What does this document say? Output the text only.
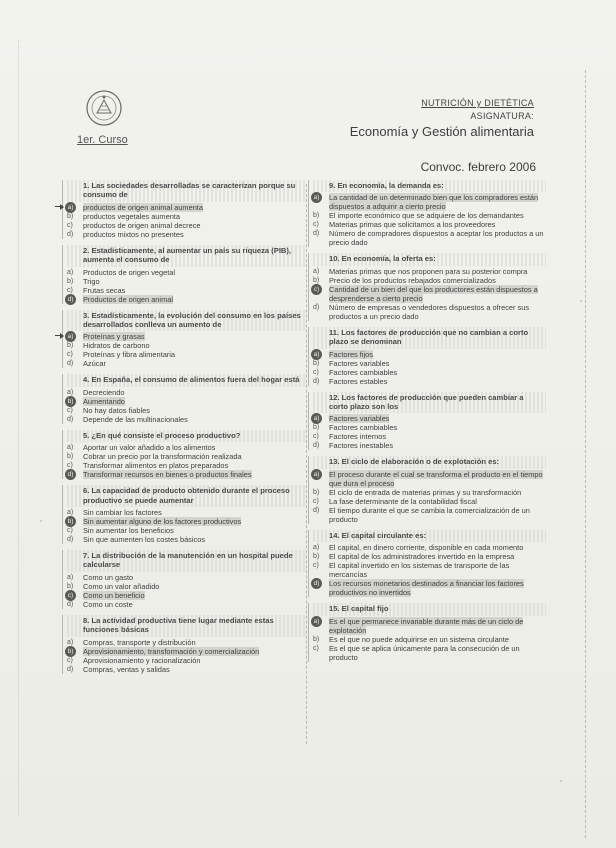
1er. Curso
NUTRICIÓN y DIETÉTICA
ASIGNATURA:
Economía y Gestión alimentaria
Convoc. febrero 2006
1. Las sociedades desarrolladas se caracterizan porque su consumo de
a)	productos de origen animal aumenta
b)	productos vegetales aumenta
c)	productos de origen animal decrece
d)	productos mixtos no presentes
2. Estadísticamente, al aumentar un país su riqueza (PIB), aumenta el consumo de
a)	Productos de origen vegetal
b)	Trigo
c)	Frutas secas
d)	Productos de origen animal
3. Estadísticamente, la evolución del consumo en los países desarrollados conlleva un aumento de
a)	Proteínas y grasas
b)	Hidratos de carbono
c)	Proteínas y fibra alimentaria
d)	Azúcar
4. En España, el consumo de alimentos fuera del hogar está
a)	Decreciendo
b)	Aumentando
c)	No hay datos fiables
d)	Depende de las multinacionales
5. ¿En qué consiste el proceso productivo?
a)	Aportar un valor añadido a los alimentos
b)	Cobrar un precio por la transformación realizada
c)	Transformar alimentos en platos preparados
d)	Transformar recursos en bienes o productos finales
6. La capacidad de producto obtenido durante el proceso productivo se puede aumentar
a)	Sin cambiar los factores
b)	Sin aumentar alguno de los factores productivos
c)	Sin aumentar los beneficios
d)	Sin que aumenten los costes básicos
7. La distribución de la manutención en un hospital puede calcularse
a)	Como un gasto
b)	Como un valor añadido
c)	Como un beneficio
d)	Como un coste
8. La actividad productiva tiene lugar mediante estas funciones básicas
a)	Compras, transporte y distribución
b)	Aprovisionamiento, transformación y comercialización
c)	Aprovisionamiento y racionalización
d)	Compras, ventas y salidas
9. En economía, la demanda es:
a)	La cantidad de un determinado bien que los compradores están dispuestos a adquirir a cierto precio
b)	El importe económico que se adquiere de los demandantes
c)	Materias primas que solicitamos a los proveedores
d)	Número de compradores dispuestos a aceptar los productos a un precio dado
10. En economía, la oferta es:
a)	Materias primas que nos proponen para su posterior compra
b)	Precio de los productos rebajados comercializados
c)	Cantidad de un bien del que los productores están dispuestos a desprenderse a cierto precio
d)	Número de empresas o vendedores dispuestos a ofrecer sus productos a un precio dado
11. Los factores de producción que no cambian a corto plazo se denominan
a)	Factores fijos
b)	Factores variables
c)	Factores cambiables
d)	Factores estables
12. Los factores de producción que pueden cambiar a corto plazo son los
a)	Factores variables
b)	Factores cambiables
c)	Factores internos
d)	Factores inestables
13. El ciclo de elaboración o de explotación es:
a)	El proceso durante el cual se transforma el producto en el tiempo que dura el proceso
b)	El ciclo de entrada de materias primas y su transformación
c)	La fase determinante de la contabilidad fiscal
d)	El tiempo durante el que se cambia la comercialización de un producto
14. El capital circulante es:
a)	El capital, en dinero corriente, disponible en cada momento
b)	El capital de los administradores invertido en la empresa
c)	El capital invertido en los sistemas de transporte de las mercancías
d)	Los recursos monetarios destinados a financiar los factores productivos no invertidos
15. El capital fijo
a)	Es el que permanece invariable durante más de un ciclo de explotación
b)	Es el que no puede adquirirse en un sistema circulante
c)	Es el que se aplica únicamente para la consecución de un producto
